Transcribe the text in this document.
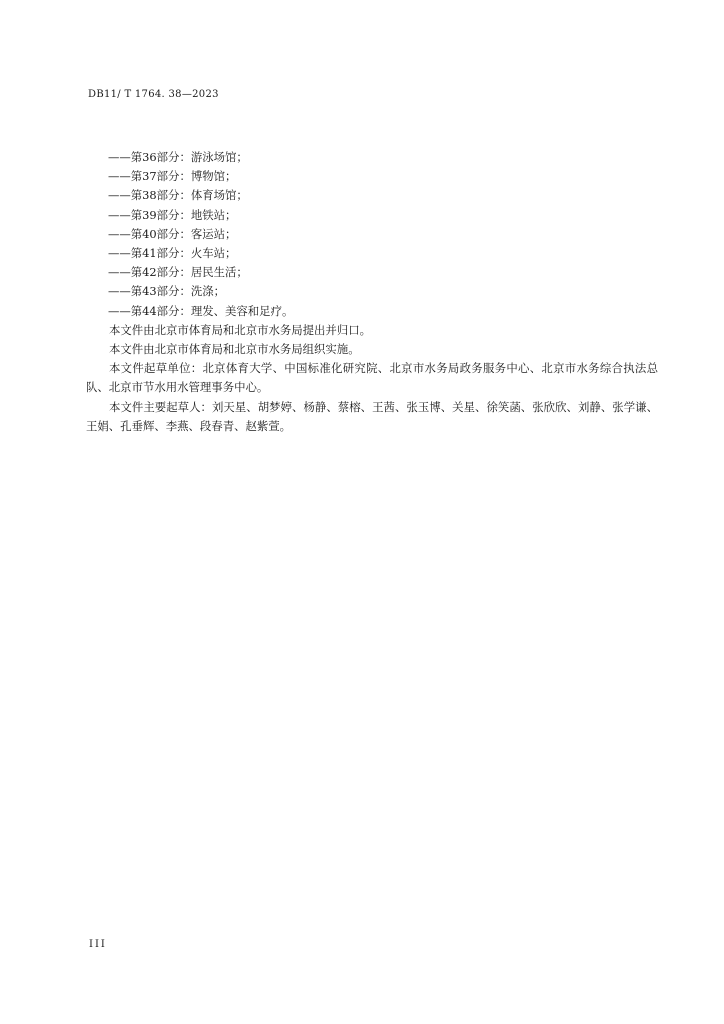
DB11/ T 1764. 38—2023
——第36部分：游泳场馆；
——第37部分：博物馆；
——第38部分：体育场馆；
——第39部分：地铁站；
——第40部分：客运站；
——第41部分：火车站；
——第42部分：居民生活；
——第43部分：洗涤；
——第44部分：理发、美容和足疗。

本文件由北京市体育局和北京市水务局提出并归口。

本文件由北京市体育局和北京市水务局组织实施。

本文件起草单位：北京体育大学、中国标准化研究院、北京市水务局政务服务中心、北京市水务综合执法总队、北京市节水用水管理事务中心。

本文件主要起草人：刘天星、胡梦婷、杨静、蔡榕、王茜、张玉博、关星、徐笑菡、张欣欣、刘静、张学谦、王娟、孔垂辉、李燕、段春青、赵紫萱。

III
